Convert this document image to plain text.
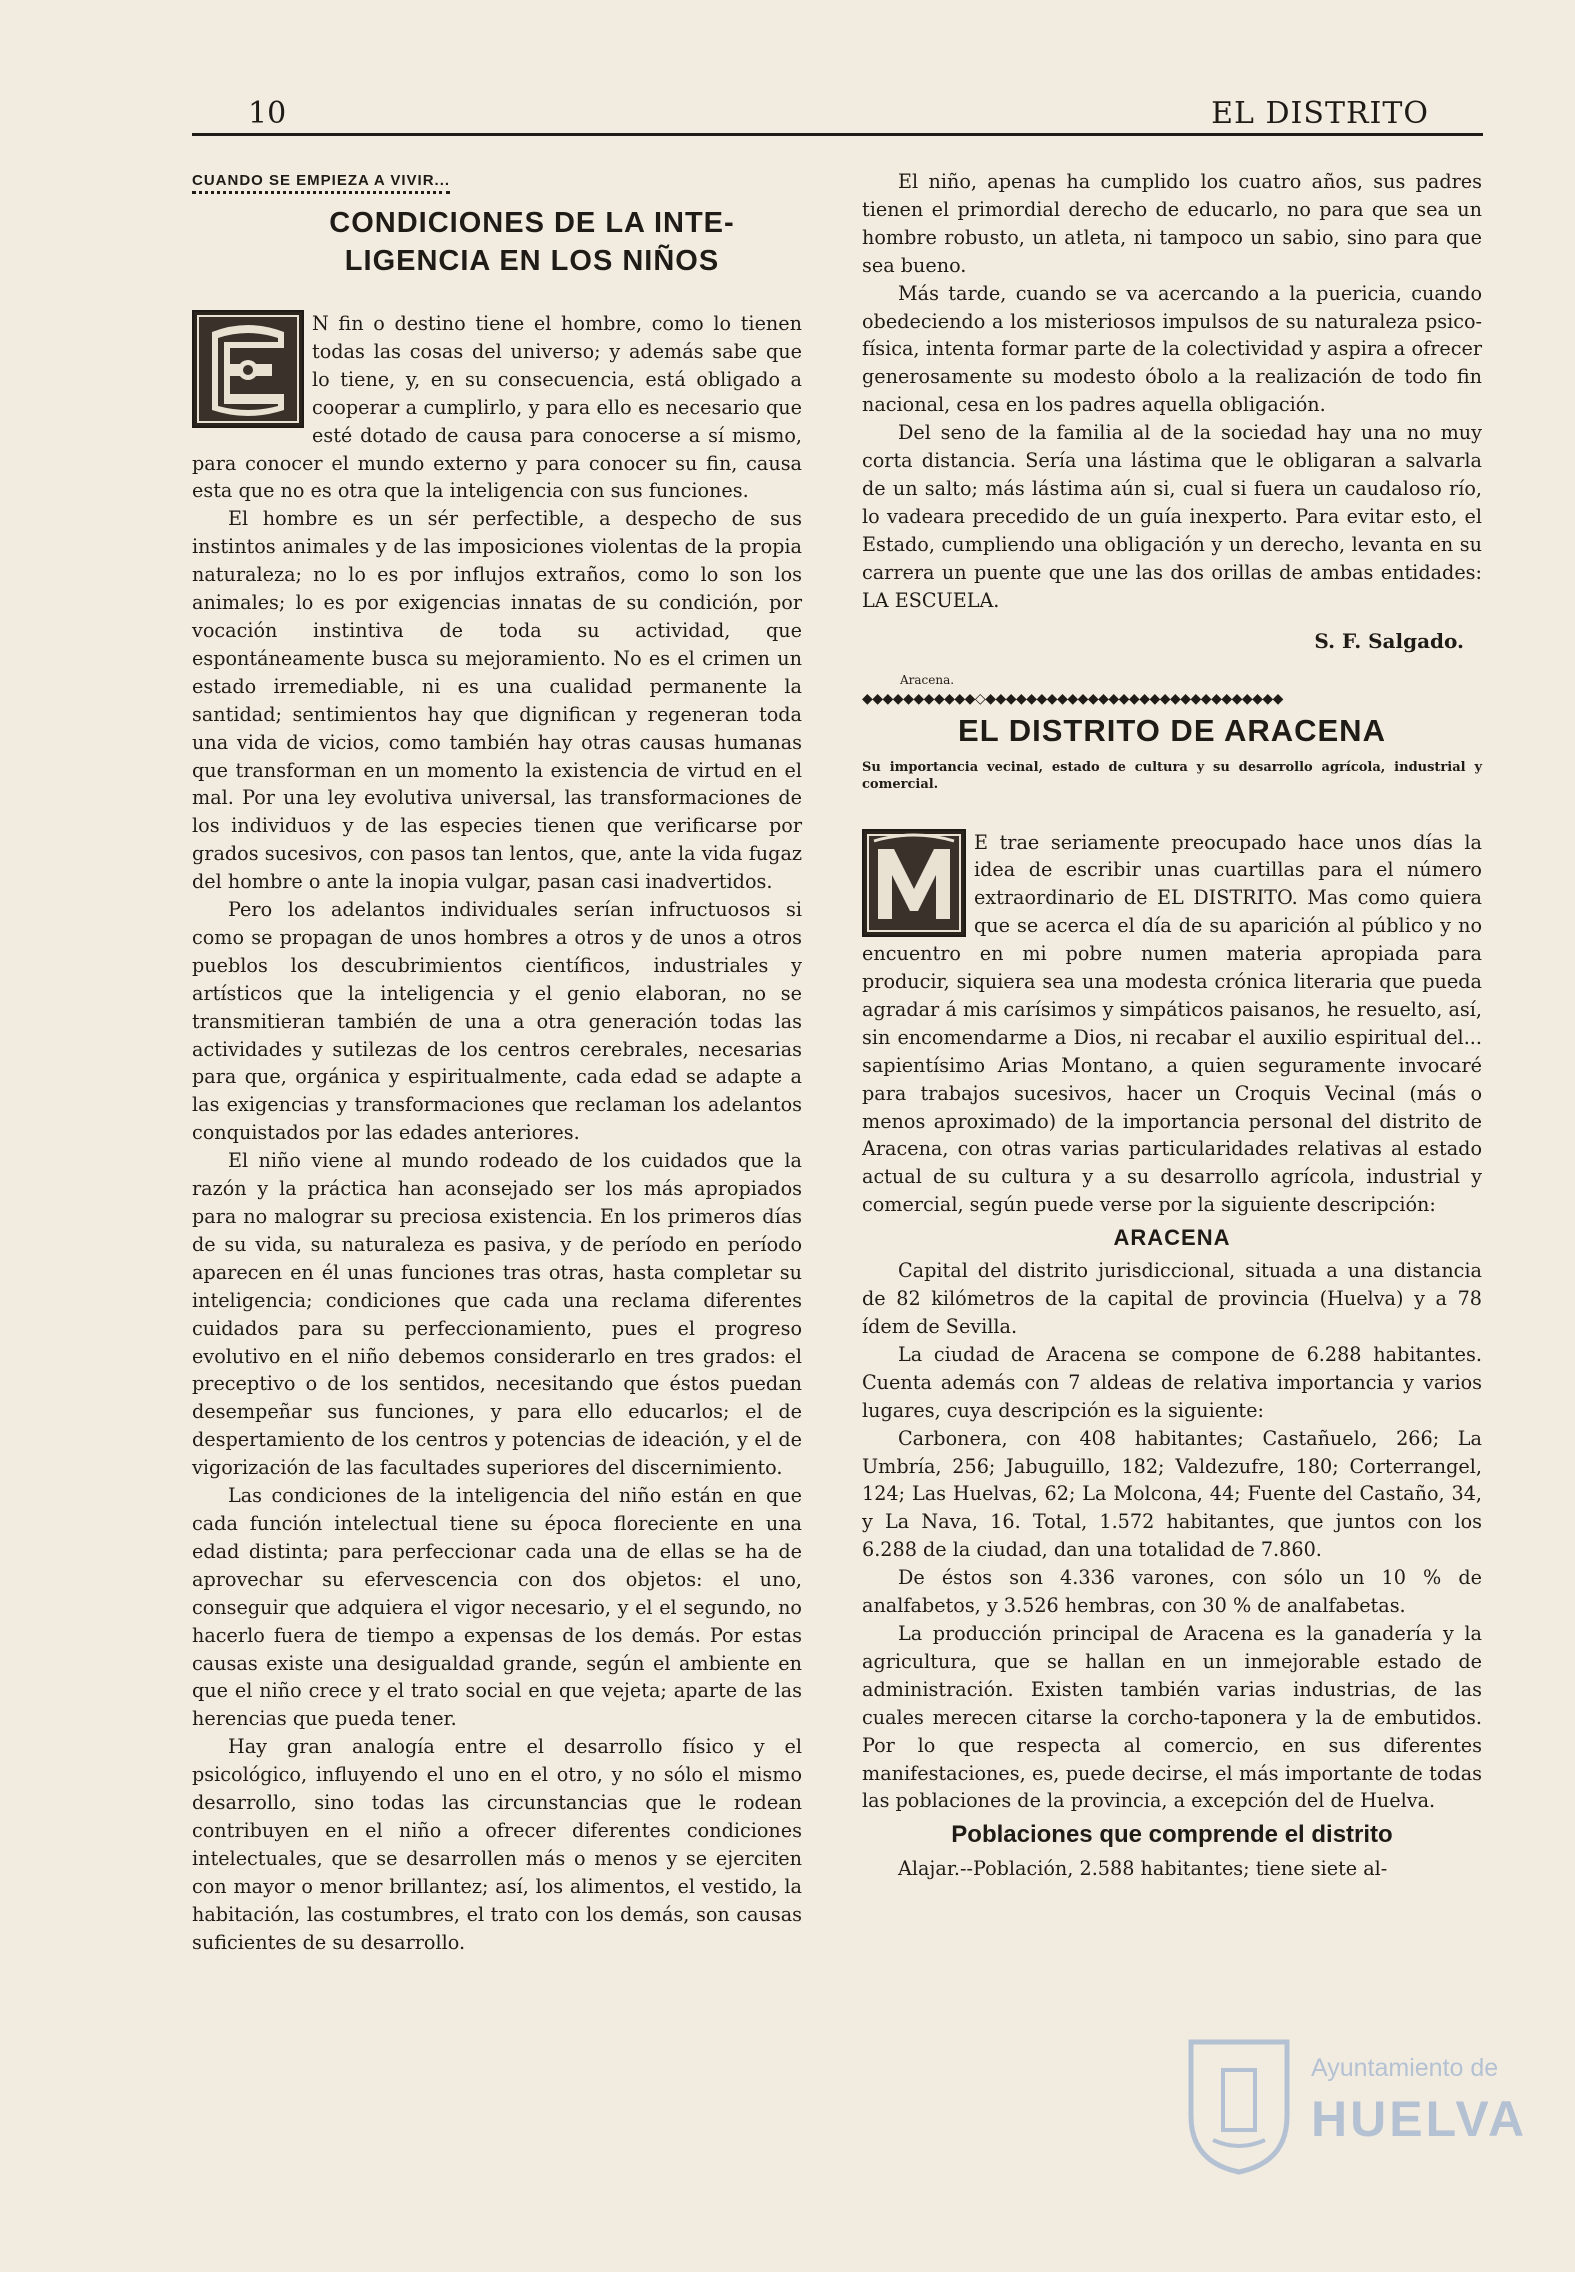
10	EL DISTRITO
CUANDO SE EMPIEZA A VIVIR...
CONDICIONES DE LA INTE-LIGENCIA EN LOS NIÑOS

N fin o destino tiene el hombre, como lo tienen todas las cosas del universo; y además sabe que lo tiene, y, en su consecuencia, está obligado a cooperar a cumplirlo, y para ello es necesario que esté dotado de causa para conocerse a sí mismo, para conocer el mundo externo y para conocer su fin, causa esta que no es otra que la inteligencia con sus funciones.

El hombre es un sér perfectible, a despecho de sus instintos animales y de las imposiciones violentas de la propia naturaleza; no lo es por influjos extraños, como lo son los animales; lo es por exigencias innatas de su condición, por vocación instintiva de toda su actividad, que espontáneamente busca su mejoramiento. No es el crimen un estado irremediable, ni es una cualidad permanente la santidad; sentimientos hay que dignifican y regeneran toda una vida de vicios, como también hay otras causas humanas que transforman en un momento la existencia de virtud en el mal. Por una ley evolutiva universal, las transformaciones de los individuos y de las especies tienen que verificarse por grados sucesivos, con pasos tan lentos, que, ante la vida fugaz del hombre o ante la inopia vulgar, pasan casi inadvertidos.

Pero los adelantos individuales serían infructuosos si como se propagan de unos hombres a otros y de unos a otros pueblos los descubrimientos científicos, industriales y artísticos que la inteligencia y el genio elaboran, no se transmitieran también de una a otra generación todas las actividades y sutilezas de los centros cerebrales, necesarias para que, orgánica y espiritualmente, cada edad se adapte a las exigencias y transformaciones que reclaman los adelantos conquistados por las edades anteriores.

El niño viene al mundo rodeado de los cuidados que la razón y la práctica han aconsejado ser los más apropiados para no malograr su preciosa existencia. En los primeros días de su vida, su naturaleza es pasiva, y de período en período aparecen en él unas funciones tras otras, hasta completar su inteligencia; condiciones que cada una reclama diferentes cuidados para su perfeccionamiento, pues el progreso evolutivo en el niño debemos considerarlo en tres grados: el preceptivo o de los sentidos, necesitando que éstos puedan desempeñar sus funciones, y para ello educarlos; el de despertamiento de los centros y potencias de ideación, y el de vigorización de las facultades superiores del discernimiento.

Las condiciones de la inteligencia del niño están en que cada función intelectual tiene su época floreciente en una edad distinta; para perfeccionar cada una de ellas se ha de aprovechar su efervescencia con dos objetos: el uno, conseguir que adquiera el vigor necesario, y el el segundo, no hacerlo fuera de tiempo a expensas de los demás. Por estas causas existe una desigualdad grande, según el ambiente en que el niño crece y el trato social en que vejeta; aparte de las herencias que pueda tener.

Hay gran analogía entre el desarrollo físico y el psicológico, influyendo el uno en el otro, y no sólo el mismo desarrollo, sino todas las circunstancias que le rodean contribuyen en el niño a ofrecer diferentes condiciones intelectuales, que se desarrollen más o menos y se ejerciten con mayor o menor brillantez; así, los alimentos, el vestido, la habitación, las costumbres, el trato con los demás, son causas suficientes de su desarrollo.

El niño, apenas ha cumplido los cuatro años, sus padres tienen el primordial derecho de educarlo, no para que sea un hombre robusto, un atleta, ni tampoco un sabio, sino para que sea bueno.

Más tarde, cuando se va acercando a la puericia, cuando obedeciendo a los misteriosos impulsos de su naturaleza psico-física, intenta formar parte de la colectividad y aspira a ofrecer generosamente su modesto óbolo a la realización de todo fin nacional, cesa en los padres aquella obligación.

Del seno de la familia al de la sociedad hay una no muy corta distancia. Sería una lástima que le obligaran a salvarla de un salto; más lástima aún si, cual si fuera un caudaloso río, lo vadeara precedido de un guía inexperto. Para evitar esto, el Estado, cumpliendo una obligación y un derecho, levanta en su carrera un puente que une las dos orillas de ambas entidades: LA ESCUELA.

S. F. Salgado.
Aracena.
◆◆◆◆◆◆◆◆◆◆◆◇◆◆◆◆◆◆◆◆◆◆◆◆◆◆◆◆◆◆◆◆◆◆◆◆◆◆◆◆◆
EL DISTRITO DE ARACENA
Su importancia vecinal, estado de cultura y su desarrollo agrícola, industrial y comercial.

E trae seriamente preocupado hace unos días la idea de escribir unas cuartillas para el número extraordinario de EL DISTRITO. Mas como quiera que se acerca el día de su aparición al público y no encuentro en mi pobre numen materia apropiada para producir, siquiera sea una modesta crónica literaria que pueda agradar á mis carísimos y simpáticos paisanos, he resuelto, así, sin encomendarme a Dios, ni recabar el auxilio espiritual del... sapientísimo Arias Montano, a quien seguramente invocaré para trabajos sucesivos, hacer un Croquis Vecinal (más o menos aproximado) de la importancia personal del distrito de Aracena, con otras varias particularidades relativas al estado actual de su cultura y a su desarrollo agrícola, industrial y comercial, según puede verse por la siguiente descripción:

ARACENA

Capital del distrito jurisdiccional, situada a una distancia de 82 kilómetros de la capital de provincia (Huelva) y a 78 ídem de Sevilla.

La ciudad de Aracena se compone de 6.288 habitantes. Cuenta además con 7 aldeas de relativa importancia y varios lugares, cuya descripción es la siguiente:

Carbonera, con 408 habitantes; Castañuelo, 266; La Umbría, 256; Jabuguillo, 182; Valdezufre, 180; Corterrangel, 124; Las Huelvas, 62; La Molcona, 44; Fuente del Castaño, 34, y La Nava, 16. Total, 1.572 habitantes, que juntos con los 6.288 de la ciudad, dan una totalidad de 7.860.

De éstos son 4.336 varones, con sólo un 10 % de analfabetos, y 3.526 hembras, con 30 % de analfabetas.

La producción principal de Aracena es la ganadería y la agricultura, que se hallan en un inmejorable estado de administración. Existen también varias industrias, de las cuales merecen citarse la corcho-taponera y la de embutidos. Por lo que respecta al comercio, en sus diferentes manifestaciones, es, puede decirse, el más importante de todas las poblaciones de la provincia, a excepción del de Huelva.

Poblaciones que comprende el distrito

Alajar.--Población, 2.588 habitantes; tiene siete al-

Ayuntamiento de
HUELVA
